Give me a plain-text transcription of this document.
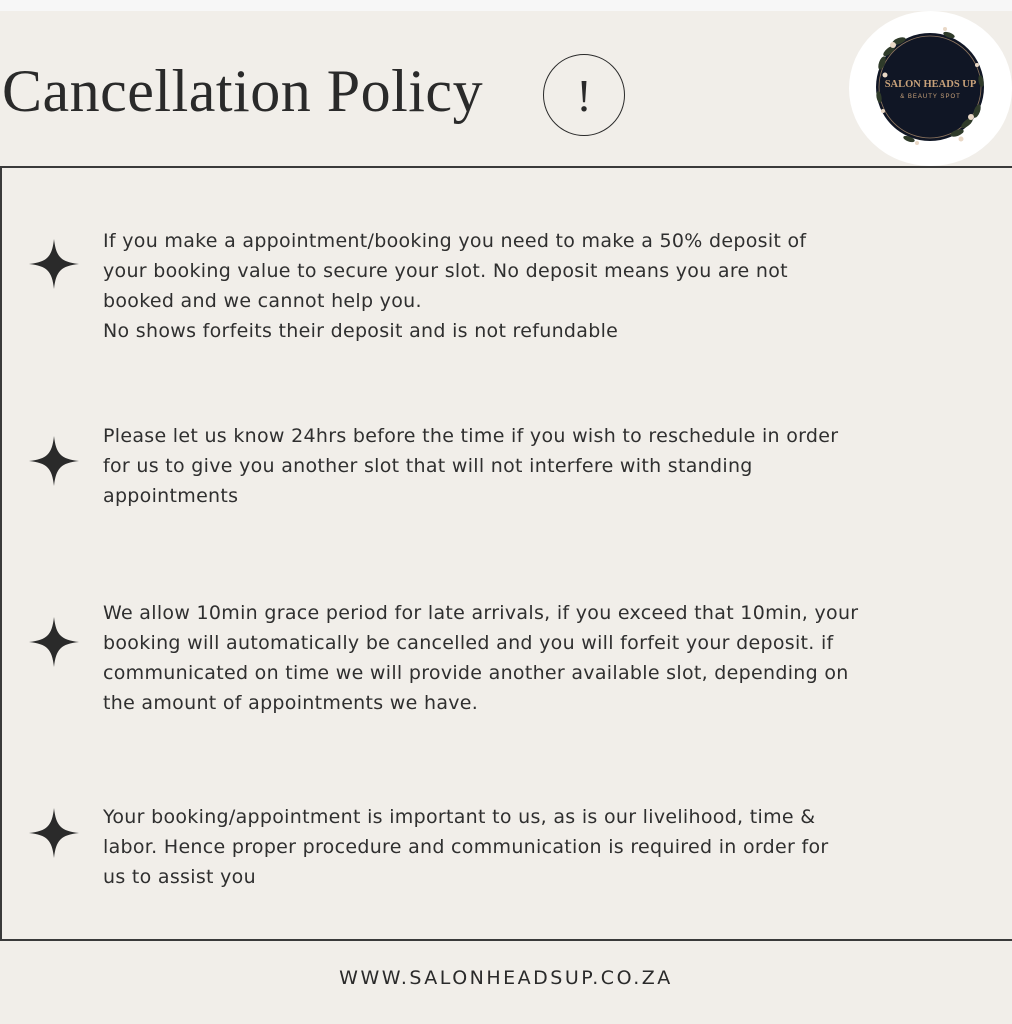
Cancellation Policy !	SALON HEADS UP
& BEAUTY SPOT

If you make a appointment/booking you need to make a 50% deposit of
your booking value to secure your slot. No deposit means you are not
booked and we cannot help you.
No shows forfeits their deposit and is not refundable

Please let us know 24hrs before the time if you wish to reschedule in order
for us to give you another slot that will not interfere with standing
appointments

We allow 10min grace period for late arrivals, if you exceed that 10min, your
booking will automatically be cancelled and you will forfeit your deposit. if
communicated on time we will provide another available slot, depending on
the amount of appointments we have.

Your booking/appointment is important to us, as is our livelihood, time &
labor. Hence proper procedure and communication is required in order for
us to assist you

WWW.SALONHEADSUP.CO.ZA
